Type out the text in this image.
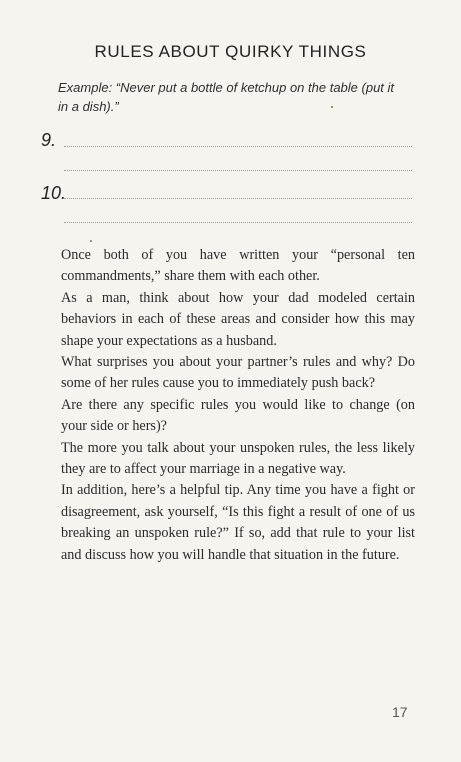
RULES ABOUT QUIRKY THINGS
Example: “Never put a bottle of ketchup on the table (put it in a dish).”
9.
10.

Once both of you have written your “personal ten commandments,” share them with each other.

As a man, think about how your dad modeled certain behaviors in each of these areas and consider how this may shape your expectations as a husband.

What surprises you about your partner’s rules and why? Do some of her rules cause you to immediately push back?

Are there any specific rules you would like to change (on your side or hers)?

The more you talk about your unspoken rules, the less likely they are to affect your marriage in a negative way.

In addition, here’s a helpful tip. Any time you have a fight or disagreement, ask yourself, “Is this fight a result of one of us breaking an unspoken rule?” If so, add that rule to your list and discuss how you will handle that situation in the future.

17
